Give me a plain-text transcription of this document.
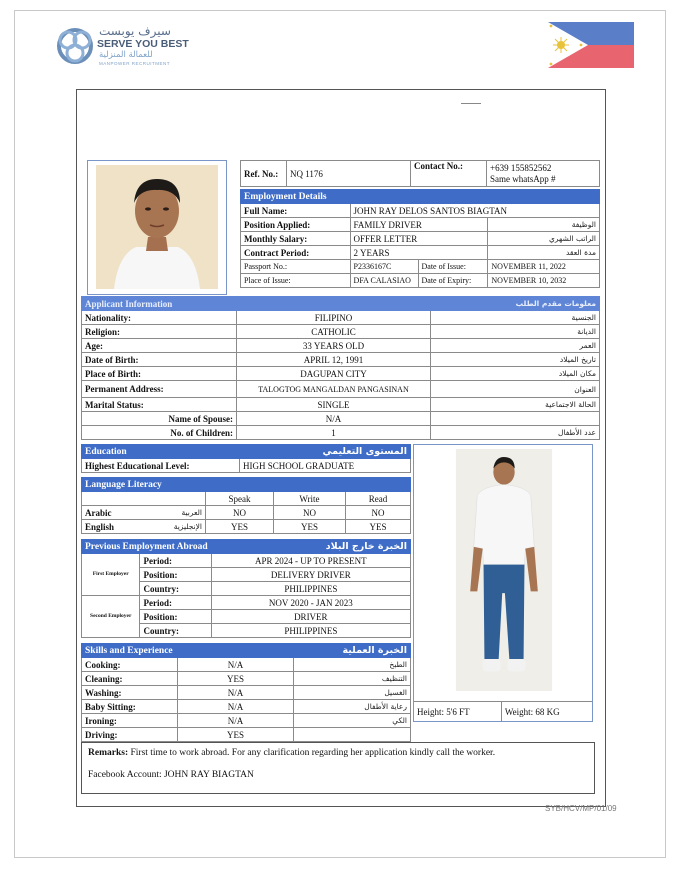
سيرف يوبست
SERVE YOU BEST
للعمالة المنزلية
MANPOWER RECRUITMENT
Ref. No.:	NQ 1176	Contact No.:	+639 155852562
Same whatsApp #
Employment Details			
Full Name:	JOHN RAY DELOS SANTOS BIAGTAN		
Position Applied:	FAMILY DRIVER		الوظيفة
Monthly Salary:	OFFER LETTER		الراتب الشهري
Contract Period:	2 YEARS		مدة العقد
Passport No.:	P2336167C	Date of Issue:	NOVEMBER 11, 2022
Place of Issue:	DFA CALASIAO	Date of Expiry:	NOVEMBER 10, 2032
Applicant Information		معلومات مقدم الطلب
Nationality:	FILIPINO	الجنسية
Religion:	CATHOLIC	الديانة
Age:	33 YEARS OLD	العمر
Date of Birth:	APRIL 12, 1991	تاريخ الميلاد
Place of Birth:	DAGUPAN CITY	مكان الميلاد
Permanent Address:	TALOGTOG MANGALDAN PANGASINAN	العنوان
Marital Status:	SINGLE	الحالة الاجتماعية
Name of Spouse:	N/A	
No. of Children:	1	عدد الأطفال
Education	المستوى التعليمي
Highest Educational Level:	HIGH SCHOOL GRADUATE
Language Literacy				
		Speak	Write	Read
Arabic	العربية	NO	NO	NO
English	الإنجليزية	YES	YES	YES
Previous Employment Abroad		الخبرة خارج البلاد
First Employer	Period:	APR 2024 - UP TO PRESENT
	Position:	DELIVERY DRIVER
	Country:	PHILIPPINES
Second Employer	Period:	NOV 2020 - JAN 2023
	Position:	DRIVER
	Country:	PHILIPPINES
Skills and Experience		الخبرة العملية
Cooking:	N/A	الطبخ
Cleaning:	YES	التنظيف
Washing:	N/A	الغسيل
Baby Sitting:	N/A	رعاية الأطفال
Ironing:	N/A	الكي
Driving:	YES	
Height: 5'6 FT	Weight: 68 KG
Remarks: First time to work abroad. For any clarification regarding her application kindly call the worker.
Facebook Account: JOHN RAY BIAGTAN
SYB/HCV/MP/01/09
